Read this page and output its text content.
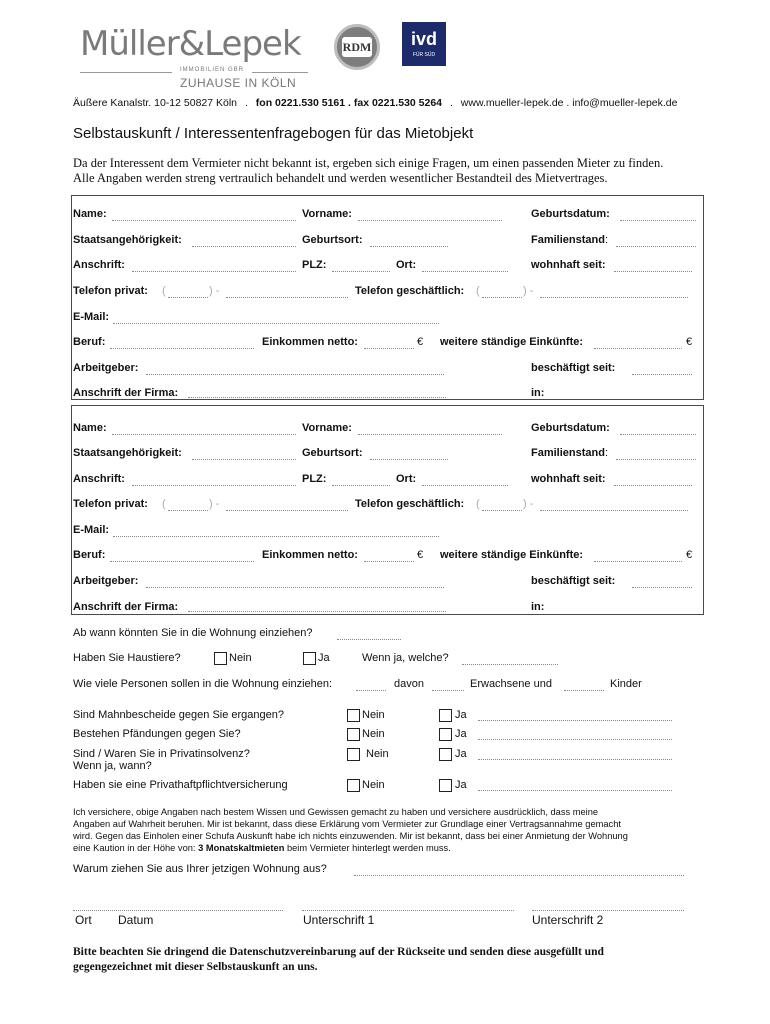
Müller&Lepek
IMMOBILIEN GBR
ZUHAUSE IN KÖLN
RDM	ivd
FÜR SÜD
Äußere Kanalstr. 10-12 50827 Köln . fon 0221.530 5161 . fax 0221.530 5264 . www.mueller-lepek.de . info@mueller-lepek.de
Selbstauskunft / Interessentenfragebogen für das Mietobjekt
Da der Interessent dem Vermieter nicht bekannt ist, ergeben sich einige Fragen, um einen passenden Mieter zu finden.
Alle Angaben werden streng vertraulich behandelt und werden wesentlicher Bestandteil des Mietvertrages.
Name:	Vorname:	Geburtsdatum:
Staatsangehörigkeit:	Geburtsort:	Familienstand:
Anschrift:	PLZ:	Ort:	wohnhaft seit:
Telefon privat: (	) -	Telefon geschäftlich: (	) -
E-Mail:
Beruf:	Einkommen netto:	€ weitere ständige Einkünfte:	€
Arbeitgeber:	beschäftigt seit:
Anschrift der Firma:	in:
Name:	Vorname:	Geburtsdatum:
Staatsangehörigkeit:	Geburtsort:	Familienstand:
Anschrift:	PLZ:	Ort:	wohnhaft seit:
Telefon privat: (	) -	Telefon geschäftlich: (	) -
E-Mail:
Beruf:	Einkommen netto:	€ weitere ständige Einkünfte:	€
Arbeitgeber:	beschäftigt seit:
Anschrift der Firma:	in:
Ab wann könnten Sie in die Wohnung einziehen?
Haben Sie Haustiere?	Nein	Ja	Wenn ja, welche?
Wie viele Personen sollen in die Wohnung einziehen:	davon	Erwachsene und	Kinder
Sind Mahnbescheide gegen Sie ergangen?	Nein	Ja
Bestehen Pfändungen gegen Sie?	Nein	Ja
Sind / Waren Sie in Privatinsolvenz?
Wenn ja, wann?
Nein	Ja
Haben sie eine Privathaftpflichtversicherung	Nein	Ja
Ich versichere, obige Angaben nach bestem Wissen und Gewissen gemacht zu haben und versichere ausdrücklich, dass meine
Angaben auf Wahrheit beruhen. Mir ist bekannt, dass diese Erklärung vom Vermieter zur Grundlage einer Vertragsannahme gemacht
wird. Gegen das Einholen einer Schufa Auskunft habe ich nichts einzuwenden. Mir ist bekannt, dass bei einer Anmietung der Wohnung
eine Kaution in der Höhe von: 3 Monatskaltmieten beim Vermieter hinterlegt werden muss.
Warum ziehen Sie aus Ihrer jetzigen Wohnung aus?
Ort Datum	Unterschrift 1	Unterschrift 2
Bitte beachten Sie dringend die Datenschutzvereinbarung auf der Rückseite und senden diese ausgefüllt und
gegengezeichnet mit dieser Selbstauskunft an uns.
